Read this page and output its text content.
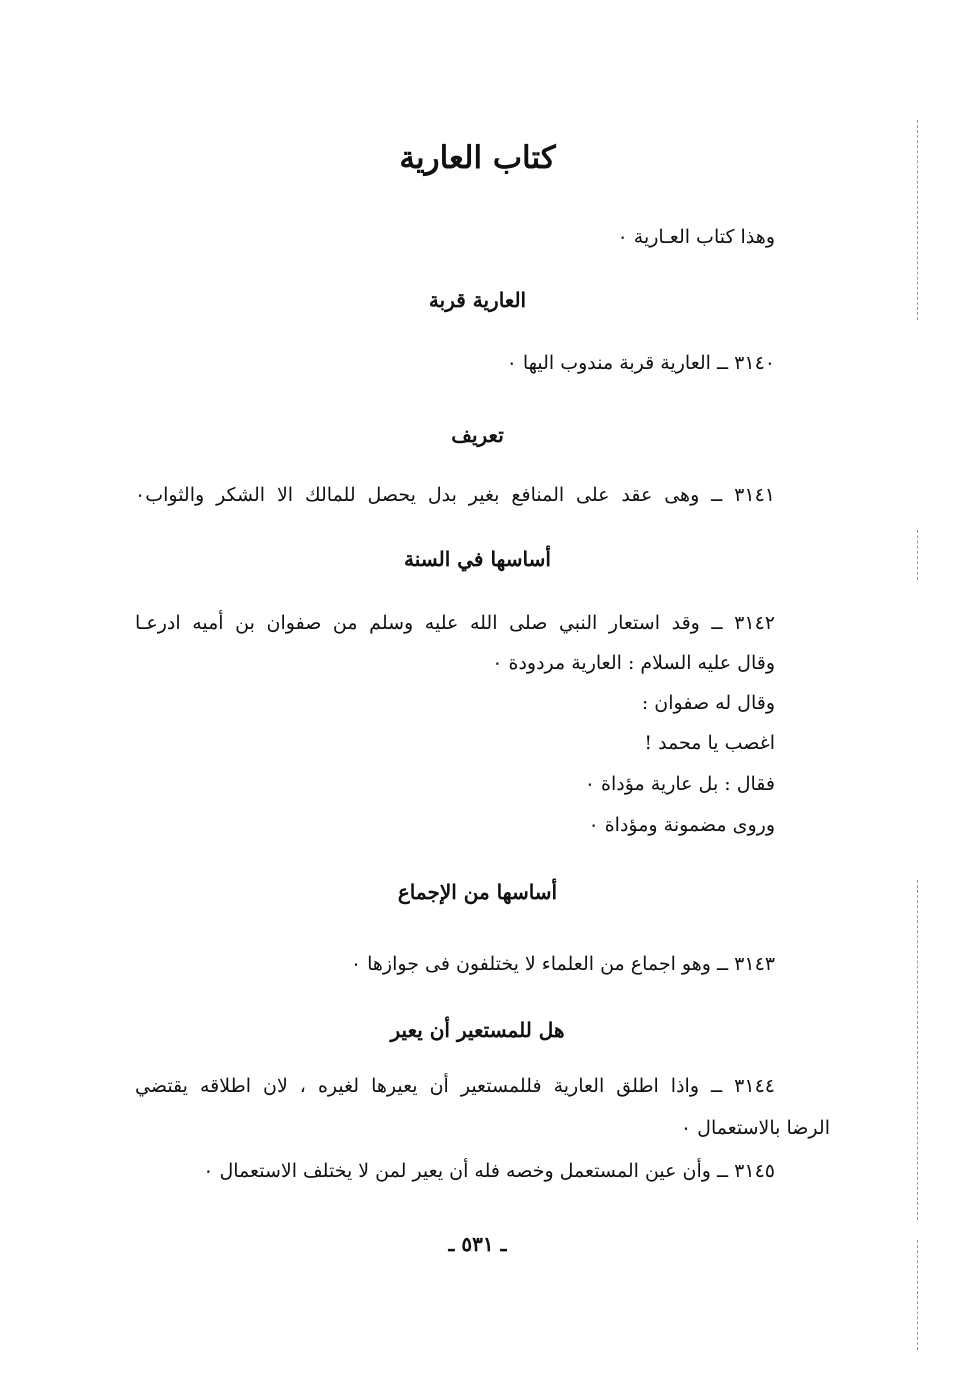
كتاب العارية

وهذا كتاب العـارية ٠

العارية قربة

٣١٤٠ ــ العارية قربة مندوب اليها ٠

تعريف

٣١٤١ ــ وهى عقد على المنافع بغير بدل يحصل للمالك الا الشكر والثواب٠

أساسها في السنة

٣١٤٢ ــ وقد استعار النبي صلى الله عليه وسلم من صفوان بن أميه ادرعـا

وقال عليه السلام : العارية مردودة ٠

وقال له صفوان :

اغصب يا محمد !

فقال : بل عارية مؤداة ٠

وروى مضمونة ومؤداة ٠

أساسها من الإجماع

٣١٤٣ ــ وهو اجماع من العلماء لا يختلفون فى جوازها ٠

هل للمستعير أن يعير

٣١٤٤ ــ واذا اطلق العارية فللمستعير أن يعيرها لغيره ، لان اطلاقه يقتضي

الرضا بالاستعمال ٠

٣١٤٥ ــ وأن عين المستعمل وخصه فله أن يعير لمن لا يختلف الاستعمال ٠

ـ ٥٣١ ـ
